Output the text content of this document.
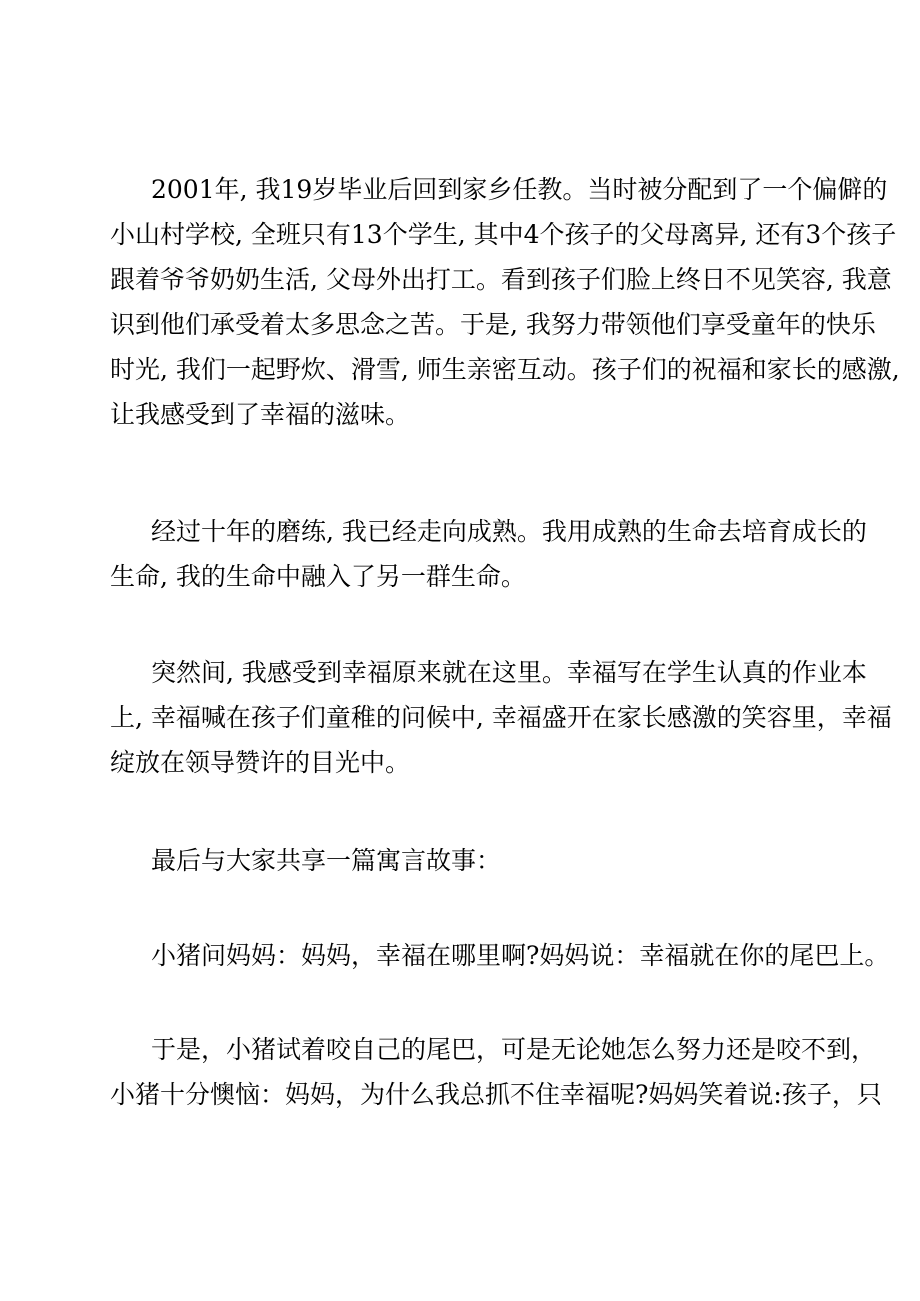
2001年, 我19岁毕业后回到家乡任教。当时被分配到了一个偏僻的
小山村学校, 全班只有13个学生, 其中4个孩子的父母离异, 还有3个孩子
跟着爷爷奶奶生活, 父母外出打工。看到孩子们脸上终日不见笑容, 我意
识到他们承受着太多思念之苦。于是, 我努力带领他们享受童年的快乐
时光, 我们一起野炊、滑雪, 师生亲密互动。孩子们的祝福和家长的感激,
让我感受到了幸福的滋味。
经过十年的磨练, 我已经走向成熟。我用成熟的生命去培育成长的
生命, 我的生命中融入了另一群生命。
突然间, 我感受到幸福原来就在这里。幸福写在学生认真的作业本
上, 幸福喊在孩子们童稚的问候中, 幸福盛开在家长感激的笑容里，幸福
绽放在领导赞许的目光中。
最后与大家共享一篇寓言故事：
小猪问妈妈：妈妈，幸福在哪里啊?妈妈说：幸福就在你的尾巴上。
于是，小猪试着咬自己的尾巴，可是无论她怎么努力还是咬不到，
小猪十分懊恼：妈妈，为什么我总抓不住幸福呢?妈妈笑着说:孩子，只
